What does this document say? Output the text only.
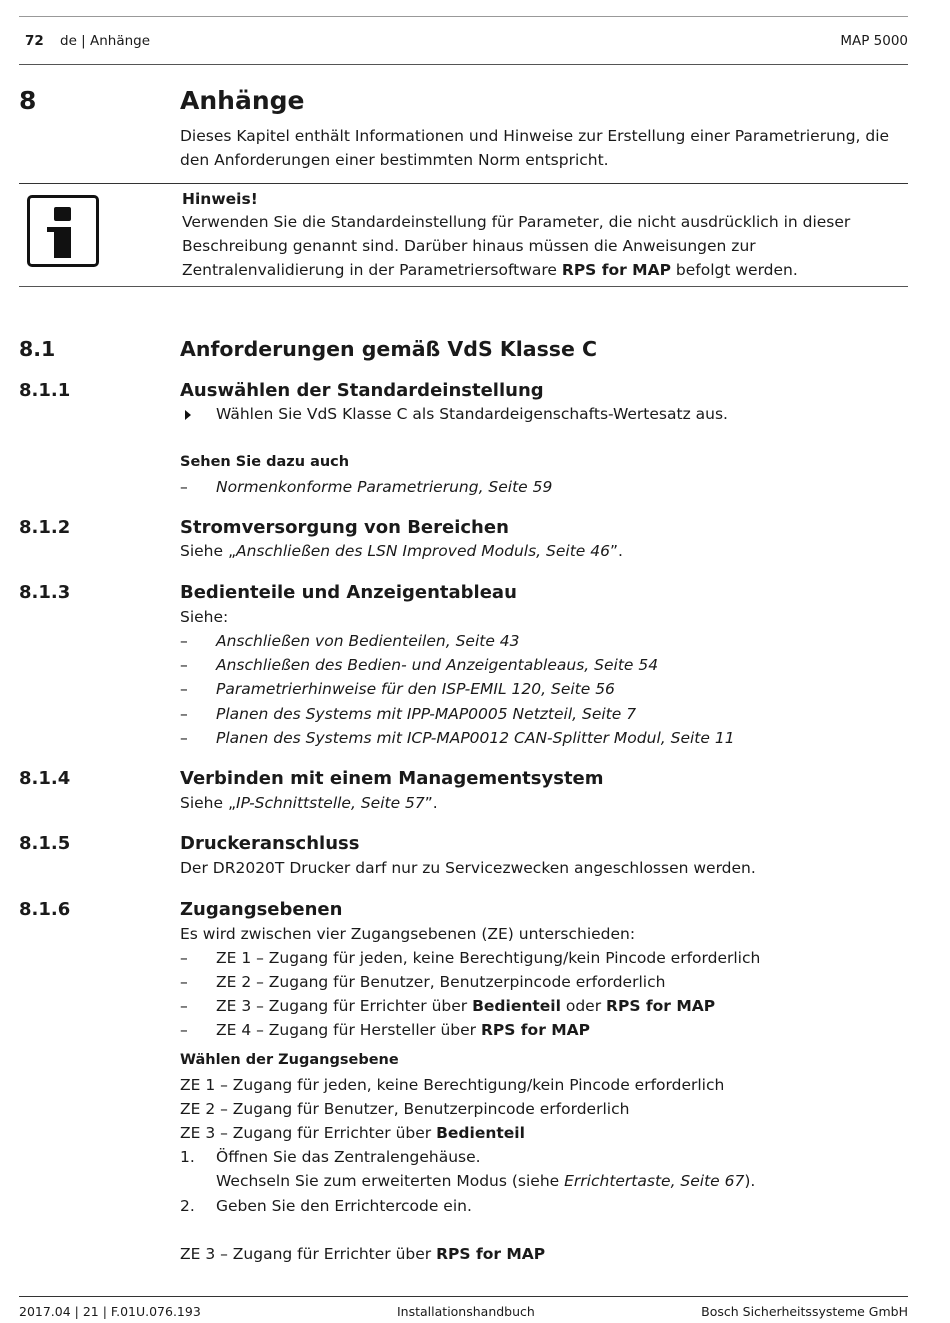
72 de | Anhänge	MAP 5000
8	Anhänge
Dieses Kapitel enthält Informationen und Hinweise zur Erstellung einer Parametrierung, die
den Anforderungen einer bestimmten Norm entspricht.
Hinweis!
Verwenden Sie die Standardeinstellung für Parameter, die nicht ausdrücklich in dieser
Beschreibung genannt sind. Darüber hinaus müssen die Anweisungen zur
Zentralenvalidierung in der Parametriersoftware RPS for MAP befolgt werden.
8.1	Anforderungen gemäß VdS Klasse C
8.1.1	Auswählen der Standardeinstellung
Wählen Sie VdS Klasse C als Standardeigenschafts-Wertesatz aus.
Sehen Sie dazu auch
– Normenkonforme Parametrierung, Seite 59
8.1.2	Stromversorgung von Bereichen
Siehe „Anschließen des LSN Improved Moduls, Seite 46”.
8.1.3	Bedienteile und Anzeigentableau
Siehe:
– Anschließen von Bedienteilen, Seite 43
– Anschließen des Bedien- und Anzeigentableaus, Seite 54
– Parametrierhinweise für den ISP-EMIL 120, Seite 56
– Planen des Systems mit IPP-MAP0005 Netzteil, Seite 7
– Planen des Systems mit ICP-MAP0012 CAN-Splitter Modul, Seite 11
8.1.4	Verbinden mit einem Managementsystem
Siehe „IP-Schnittstelle, Seite 57”.
8.1.5	Druckeranschluss
Der DR2020T Drucker darf nur zu Servicezwecken angeschlossen werden.
8.1.6	Zugangsebenen
Es wird zwischen vier Zugangsebenen (ZE) unterschieden:
– ZE 1 – Zugang für jeden, keine Berechtigung/kein Pincode erforderlich
– ZE 2 – Zugang für Benutzer, Benutzerpincode erforderlich
– ZE 3 – Zugang für Errichter über Bedienteil oder RPS for MAP
– ZE 4 – Zugang für Hersteller über RPS for MAP
Wählen der Zugangsebene
ZE 1 – Zugang für jeden, keine Berechtigung/kein Pincode erforderlich
ZE 2 – Zugang für Benutzer, Benutzerpincode erforderlich
ZE 3 – Zugang für Errichter über Bedienteil
1. Öffnen Sie das Zentralengehäuse.
Wechseln Sie zum erweiterten Modus (siehe Errichtertaste, Seite 67).
2. Geben Sie den Errichtercode ein.
ZE 3 – Zugang für Errichter über RPS for MAP
2017.04 | 21 | F.01U.076.193	Installationshandbuch	Bosch Sicherheitssysteme GmbH
